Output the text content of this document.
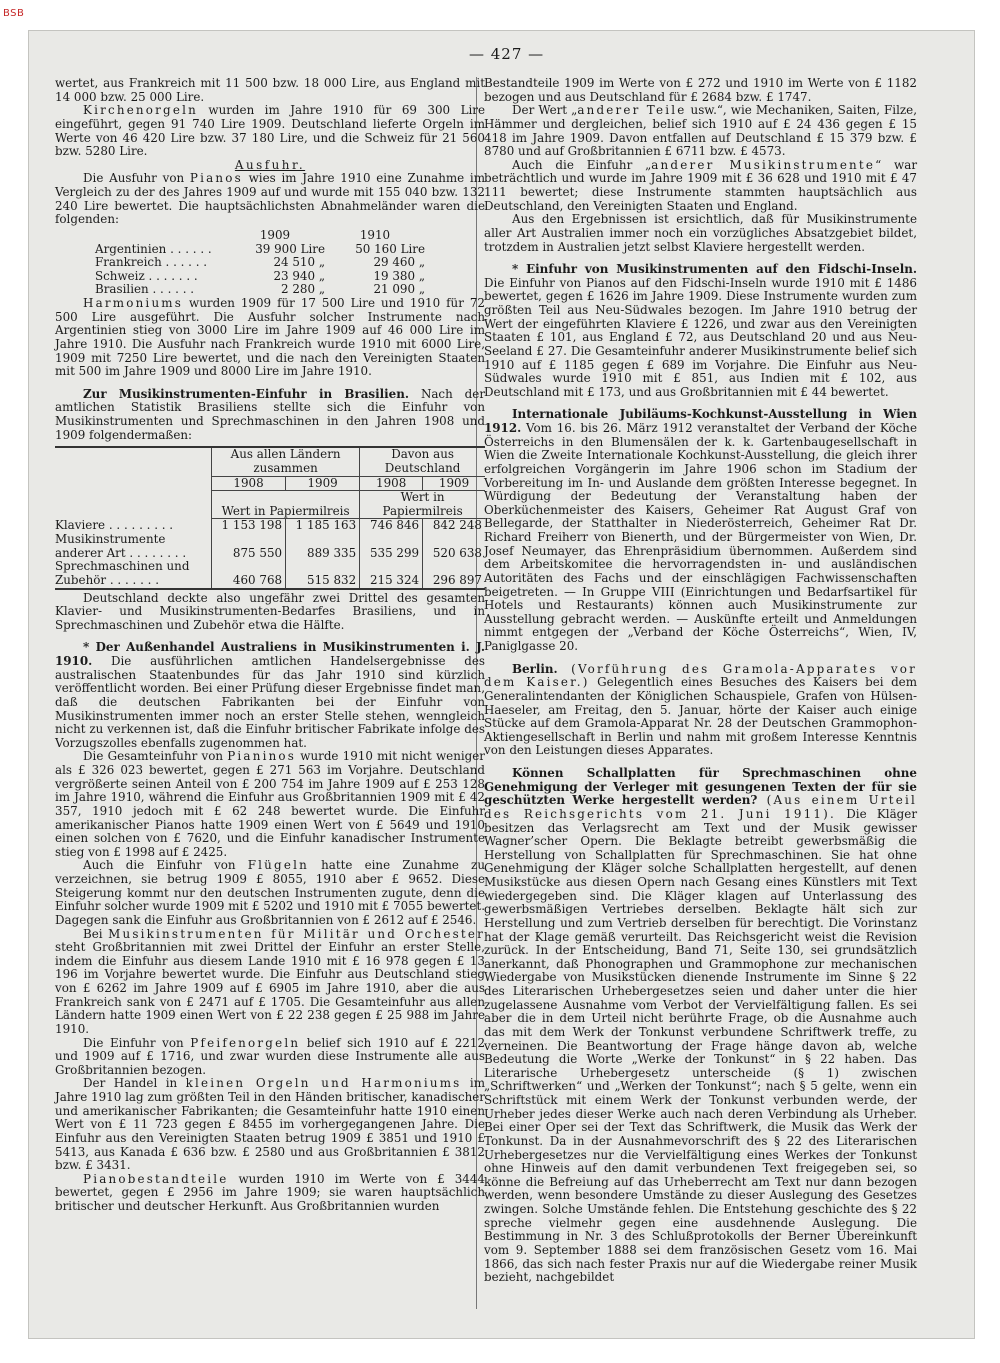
BSB
— 427 —

wertet, aus Frankreich mit 11 500 bzw. 18 000 Lire, aus England mit 14 000 bzw. 25 000 Lire.

Kirchenorgeln wurden im Jahre 1910 für 69 300 Lire eingeführt, gegen 91 740 Lire 1909. Deutschland lieferte Orgeln im Werte von 46 420 Lire bzw. 37 180 Lire, und die Schweiz für 21 560 bzw. 5280 Lire.

Ausfuhr.

Die Ausfuhr von Pianos wies im Jahre 1910 eine Zunahme im Vergleich zu der des Jahres 1909 auf und wurde mit 155 040 bzw. 132 240 Lire bewertet. Die hauptsächlichsten Abnahmeländer waren die folgenden:

	1909	1910
Argentinien . . . . . .	39 900 Lire	50 160 Lire
Frankreich . . . . . .	24 510 „	29 460 „
Schweiz . . . . . . .	23 940 „	19 380 „
Brasilien . . . . . .	2 280 „	21 090 „

Harmoniums wurden 1909 für 17 500 Lire und 1910 für 72 500 Lire ausgeführt. Die Ausfuhr solcher Instrumente nach Argentinien stieg von 3000 Lire im Jahre 1909 auf 46 000 Lire im Jahre 1910. Die Ausfuhr nach Frankreich wurde 1910 mit 6000 Lire, 1909 mit 7250 Lire bewertet, und die nach den Vereinigten Staaten mit 500 im Jahre 1909 und 8000 Lire im Jahre 1910.

Zur Musikinstrumenten-Einfuhr in Brasilien. Nach der amtlichen Statistik Brasiliens stellte sich die Einfuhr von Musikinstrumenten und Sprechmaschinen in den Jahren 1908 und 1909 folgendermaßen:

	Aus allen Ländern zusammen		Davon aus Deutschland	
	1908	1909	1908	1909
	Wert in Papiermilreis		Wert in Papiermilreis	
Klaviere . . . . . . . . .	1 153 198	1 185 163	746 846	842 248
Musikinstrumente anderer Art . . . . . . . .	875 550	889 335	535 299	520 638
Sprechmaschinen und Zubehör . . . . . . .	460 768	515 832	215 324	296 897

Deutschland deckte also ungefähr zwei Drittel des gesamten Klavier- und Musikinstrumenten-Bedarfes Brasiliens, und in Sprechmaschinen und Zubehör etwa die Hälfte.

* Der Außenhandel Australiens in Musikinstrumenten i. J. 1910. Die ausführlichen amtlichen Handelsergebnisse des australischen Staatenbundes für das Jahr 1910 sind kürzlich veröffentlicht worden. Bei einer Prüfung dieser Ergebnisse findet man, daß die deutschen Fabrikanten bei der Einfuhr von Musikinstrumenten immer noch an erster Stelle stehen, wenngleich nicht zu verkennen ist, daß die Einfuhr britischer Fabrikate infolge des Vorzugszolles ebenfalls zugenommen hat.

Die Gesamteinfuhr von Pianinos wurde 1910 mit nicht weniger als £ 326 023 bewertet, gegen £ 271 563 im Vorjahre. Deutschland vergrößerte seinen Anteil von £ 200 754 im Jahre 1909 auf £ 253 128 im Jahre 1910, während die Einfuhr aus Großbritannien 1909 mit £ 42 357, 1910 jedoch mit £ 62 248 bewertet wurde. Die Einfuhr amerikanischer Pianos hatte 1909 einen Wert von £ 5649 und 1910 einen solchen von £ 7620, und die Einfuhr kanadischer Instrumente stieg von £ 1998 auf £ 2425.

Auch die Einfuhr von Flügeln hatte eine Zunahme zu verzeichnen, sie betrug 1909 £ 8055, 1910 aber £ 9652. Diese Steigerung kommt nur den deutschen Instrumenten zugute, denn die Einfuhr solcher wurde 1909 mit £ 5202 und 1910 mit £ 7055 bewertet. Dagegen sank die Einfuhr aus Großbritannien von £ 2612 auf £ 2546.

Bei Musikinstrumenten für Militär und Orchester steht Großbritannien mit zwei Drittel der Einfuhr an erster Stelle, indem die Einfuhr aus diesem Lande 1910 mit £ 16 978 gegen £ 13 196 im Vorjahre bewertet wurde. Die Einfuhr aus Deutschland stieg von £ 6262 im Jahre 1909 auf £ 6905 im Jahre 1910, aber die aus Frankreich sank von £ 2471 auf £ 1705. Die Gesamteinfuhr aus allen Ländern hatte 1909 einen Wert von £ 22 238 gegen £ 25 988 im Jahre 1910.

Die Einfuhr von Pfeifenorgeln belief sich 1910 auf £ 2212 und 1909 auf £ 1716, und zwar wurden diese Instrumente alle aus Großbritannien bezogen.

Der Handel in kleinen Orgeln und Harmoniums im Jahre 1910 lag zum größten Teil in den Händen britischer, kanadischer und amerikanischer Fabrikanten; die Gesamteinfuhr hatte 1910 einen Wert von £ 11 723 gegen £ 8455 im vorhergegangenen Jahre. Die Einfuhr aus den Vereinigten Staaten betrug 1909 £ 3851 und 1910 £ 5413, aus Kanada £ 636 bzw. £ 2580 und aus Großbritannien £ 3812 bzw. £ 3431.

Pianobestandteile wurden 1910 im Werte von £ 3444 bewertet, gegen £ 2956 im Jahre 1909; sie waren hauptsächlich britischer und deutscher Herkunft. Aus Großbritannien wurden

Bestandteile 1909 im Werte von £ 272 und 1910 im Werte von £ 1182 bezogen und aus Deutschland für £ 2684 bzw. £ 1747.

Der Wert „anderer Teile usw.“, wie Mechaniken, Saiten, Filze, Hämmer und dergleichen, belief sich 1910 auf £ 24 436 gegen £ 15 418 im Jahre 1909. Davon entfallen auf Deutschland £ 15 379 bzw. £ 8780 und auf Großbritannien £ 6711 bzw. £ 4573.

Auch die Einfuhr „anderer Musikinstrumente“ war beträchtlich und wurde im Jahre 1909 mit £ 36 628 und 1910 mit £ 47 111 bewertet; diese Instrumente stammten hauptsächlich aus Deutschland, den Vereinigten Staaten und England.

Aus den Ergebnissen ist ersichtlich, daß für Musikinstrumente aller Art Australien immer noch ein vorzügliches Absatzgebiet bildet, trotzdem in Australien jetzt selbst Klaviere hergestellt werden.

* Einfuhr von Musikinstrumenten auf den Fidschi-Inseln. Die Einfuhr von Pianos auf den Fidschi-Inseln wurde 1910 mit £ 1486 bewertet, gegen £ 1626 im Jahre 1909. Diese Instrumente wurden zum größten Teil aus Neu-Südwales bezogen. Im Jahre 1910 betrug der Wert der eingeführten Klaviere £ 1226, und zwar aus den Vereinigten Staaten £ 101, aus England £ 72, aus Deutschland 20 und aus Neu-Seeland £ 27. Die Gesamteinfuhr anderer Musikinstrumente belief sich 1910 auf £ 1185 gegen £ 689 im Vorjahre. Die Einfuhr aus Neu-Südwales wurde 1910 mit £ 851, aus Indien mit £ 102, aus Deutschland mit £ 173, und aus Großbritannien mit £ 44 bewertet.

Internationale Jubiläums-Kochkunst-Ausstellung in Wien 1912. Vom 16. bis 26. März 1912 veranstaltet der Verband der Köche Österreichs in den Blumensälen der k. k. Gartenbaugesellschaft in Wien die Zweite Internationale Kochkunst-Ausstellung, die gleich ihrer erfolgreichen Vorgängerin im Jahre 1906 schon im Stadium der Vorbereitung im In- und Auslande dem größten Interesse begegnet. In Würdigung der Bedeutung der Veranstaltung haben der Oberküchenmeister des Kaisers, Geheimer Rat August Graf von Bellegarde, der Statthalter in Niederösterreich, Geheimer Rat Dr. Richard Freiherr von Bienerth, und der Bürgermeister von Wien, Dr. Josef Neumayer, das Ehrenpräsidium übernommen. Außerdem sind dem Arbeitskomitee die hervorragendsten in- und ausländischen Autoritäten des Fachs und der einschlägigen Fachwissenschaften beigetreten. — In Gruppe VIII (Einrichtungen und Bedarfsartikel für Hotels und Restaurants) können auch Musikinstrumente zur Ausstellung gebracht werden. — Auskünfte erteilt und Anmeldungen nimmt entgegen der „Verband der Köche Österreichs“, Wien, IV, Paniglgasse 20.

Berlin. (Vorführung des Gramola-Apparates vor dem Kaiser.) Gelegentlich eines Besuches des Kaisers bei dem Generalintendanten der Königlichen Schauspiele, Grafen von Hülsen-Haeseler, am Freitag, den 5. Januar, hörte der Kaiser auch einige Stücke auf dem Gramola-Apparat Nr. 28 der Deutschen Grammophon-Aktiengesellschaft in Berlin und nahm mit großem Interesse Kenntnis von den Leistungen dieses Apparates.

Können Schallplatten für Sprechmaschinen ohne Genehmigung der Verleger mit gesungenen Texten der für sie geschützten Werke hergestellt werden? (Aus einem Urteil des Reichsgerichts vom 21. Juni 1911). Die Kläger besitzen das Verlagsrecht am Text und der Musik gewisser Wagner’scher Opern. Die Beklagte betreibt gewerbsmäßig die Herstellung von Schallplatten für Sprechmaschinen. Sie hat ohne Genehmigung der Kläger solche Schallplatten hergestellt, auf denen Musikstücke aus diesen Opern nach Gesang eines Künstlers mit Text wiedergegeben sind. Die Kläger klagen auf Unterlassung des gewerbsmäßigen Vertriebes derselben. Beklagte hält sich zur Herstellung und zum Vertrieb derselben für berechtigt. Die Vorinstanz hat der Klage gemäß verurteilt. Das Reichsgericht weist die Revision zurück. In der Entscheidung, Band 71, Seite 130, sei grundsätzlich anerkannt, daß Phonographen und Grammophone zur mechanischen Wiedergabe von Musikstücken dienende Instrumente im Sinne § 22 des Literarischen Urhebergesetzes seien und daher unter die hier zugelassene Ausnahme vom Verbot der Vervielfältigung fallen. Es sei aber die in dem Urteil nicht berührte Frage, ob die Ausnahme auch das mit dem Werk der Tonkunst verbundene Schriftwerk treffe, zu verneinen. Die Beantwortung der Frage hänge davon ab, welche Bedeutung die Worte „Werke der Tonkunst“ in § 22 haben. Das Literarische Urhebergesetz unterscheide (§ 1) zwischen „Schriftwerken“ und „Werken der Tonkunst“; nach § 5 gelte, wenn ein Schriftstück mit einem Werk der Tonkunst verbunden werde, der Urheber jedes dieser Werke auch nach deren Verbindung als Urheber. Bei einer Oper sei der Text das Schriftwerk, die Musik das Werk der Tonkunst. Da in der Ausnahmevorschrift des § 22 des Literarischen Urhebergesetzes nur die Vervielfältigung eines Werkes der Tonkunst ohne Hinweis auf den damit verbundenen Text freigegeben sei, so könne die Befreiung auf das Urheberrecht am Text nur dann bezogen werden, wenn besondere Umstände zu dieser Auslegung des Gesetzes zwingen. Solche Umstände fehlen. Die Entstehung geschichte des § 22 spreche vielmehr gegen eine ausdehnende Auslegung. Die Bestimmung in Nr. 3 des Schlußprotokolls der Berner Übereinkunft vom 9. September 1888 sei dem französischen Gesetz vom 16. Mai 1866, das sich nach fester Praxis nur auf die Wiedergabe reiner Musik bezieht, nachgebildet
